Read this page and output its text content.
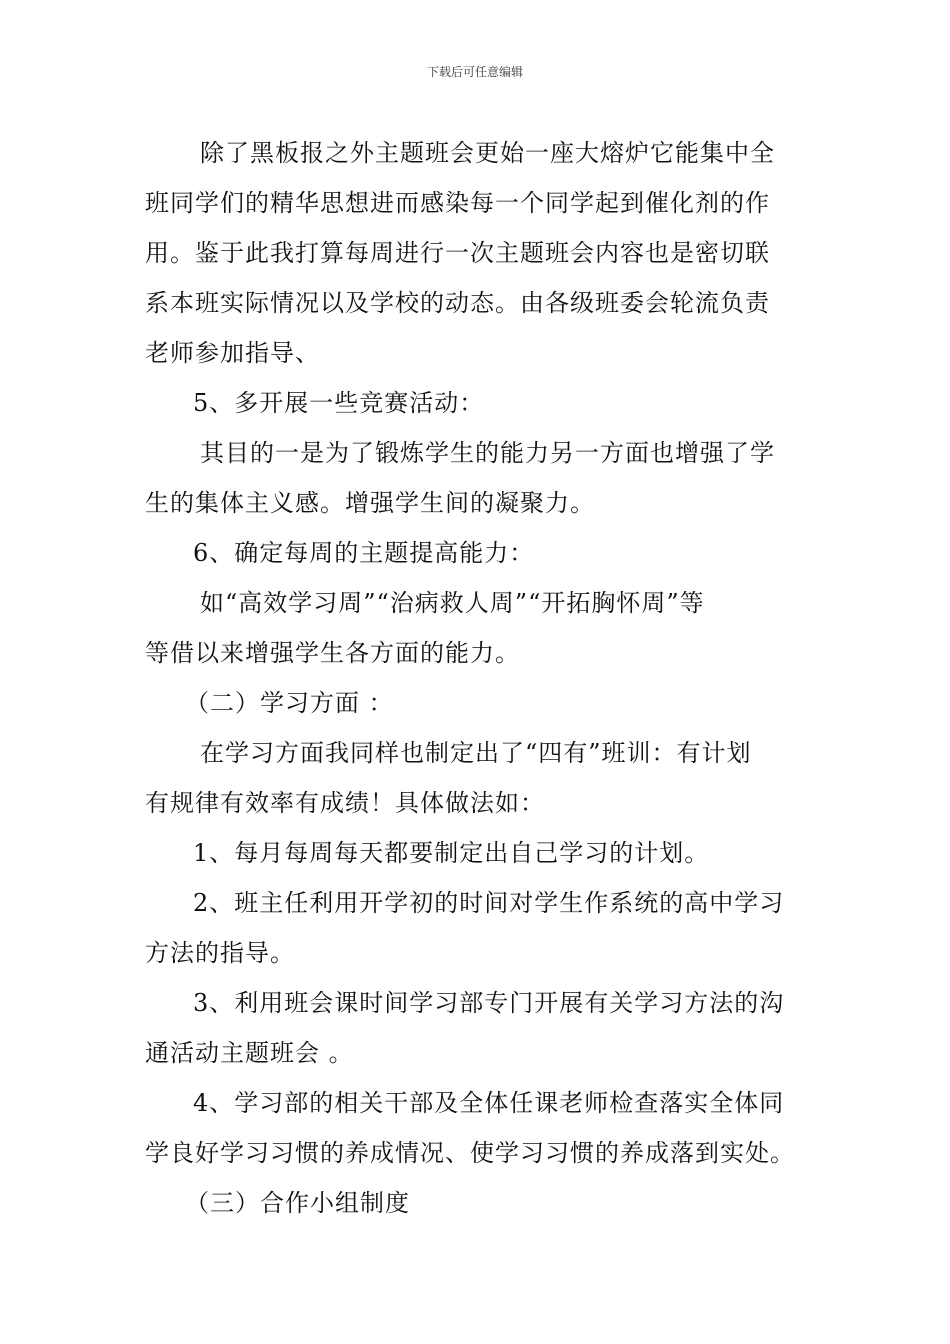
下载后可任意编辑

除了黑板报之外主题班会更始一座大熔炉它能集中全

班同学们的精华思想进而感染每一个同学起到催化剂的作

用。鉴于此我打算每周进行一次主题班会内容也是密切联

系本班实际情况以及学校的动态。由各级班委会轮流负责

老师参加指导、

5、多开展一些竞赛活动：

其目的一是为了锻炼学生的能力另一方面也增强了学

生的集体主义感。增强学生间的凝聚力。

6、确定每周的主题提高能力：

如“高效学习周”“治病救人周”“开拓胸怀周”等

等借以来增强学生各方面的能力。

（二）学习方面 ：

在学习方面我同样也制定出了“四有”班训：有计划

有规律有效率有成绩！具体做法如：

1、每月每周每天都要制定出自己学习的计划。

2、班主任利用开学初的时间对学生作系统的高中学习

方法的指导。

3、利用班会课时间学习部专门开展有关学习方法的沟

通活动主题班会 。

4、学习部的相关干部及全体任课老师检查落实全体同

学良好学习习惯的养成情况、使学习习惯的养成落到实处。

（三）合作小组制度
